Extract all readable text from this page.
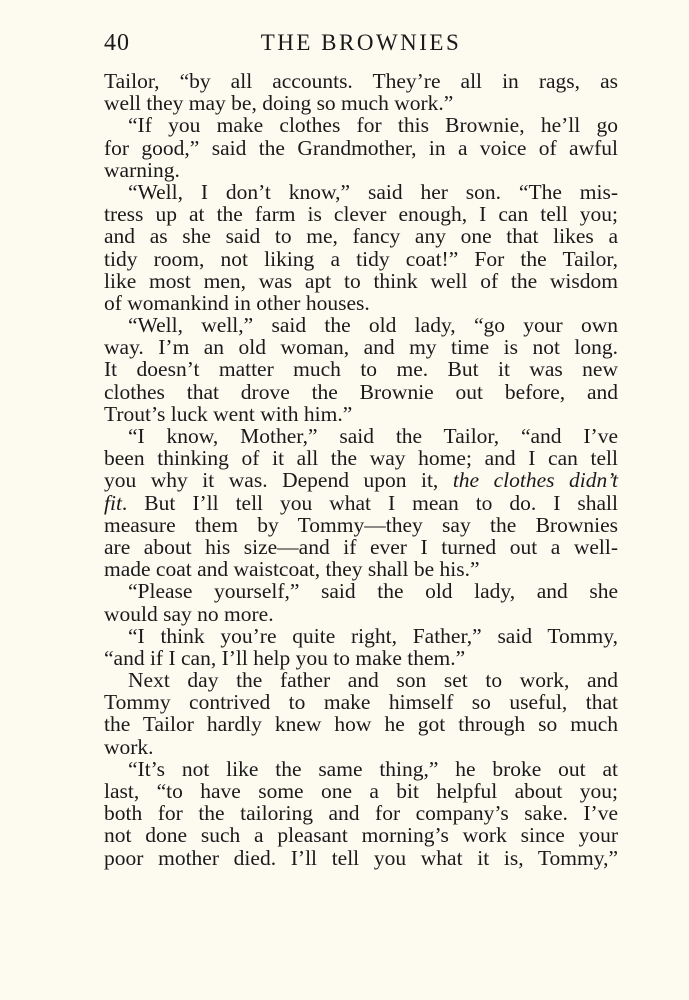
40	THE BROWNIES
Tailor, “by all accounts. They’re all in rags, as
well they may be, doing so much work.”
“If you make clothes for this Brownie, he’ll go
for good,” said the Grandmother, in a voice of awful
warning.
“Well, I don’t know,” said her son. “The mis-
tress up at the farm is clever enough, I can tell you;
and as she said to me, fancy any one that likes a
tidy room, not liking a tidy coat!” For the Tailor,
like most men, was apt to think well of the wisdom
of womankind in other houses.
“Well, well,” said the old lady, “go your own
way. I’m an old woman, and my time is not long.
It doesn’t matter much to me. But it was new
clothes that drove the Brownie out before, and
Trout’s luck went with him.”
“I know, Mother,” said the Tailor, “and I’ve
been thinking of it all the way home; and I can tell
you why it was. Depend upon it, the clothes didn’t
fit. But I’ll tell you what I mean to do. I shall
measure them by Tommy—they say the Brownies
are about his size—and if ever I turned out a well-
made coat and waistcoat, they shall be his.”
“Please yourself,” said the old lady, and she
would say no more.
“I think you’re quite right, Father,” said Tommy,
“and if I can, I’ll help you to make them.”
Next day the father and son set to work, and
Tommy contrived to make himself so useful, that
the Tailor hardly knew how he got through so much
work.
“It’s not like the same thing,” he broke out at
last, “to have some one a bit helpful about you;
both for the tailoring and for company’s sake. I’ve
not done such a pleasant morning’s work since your
poor mother died. I’ll tell you what it is, Tommy,”
